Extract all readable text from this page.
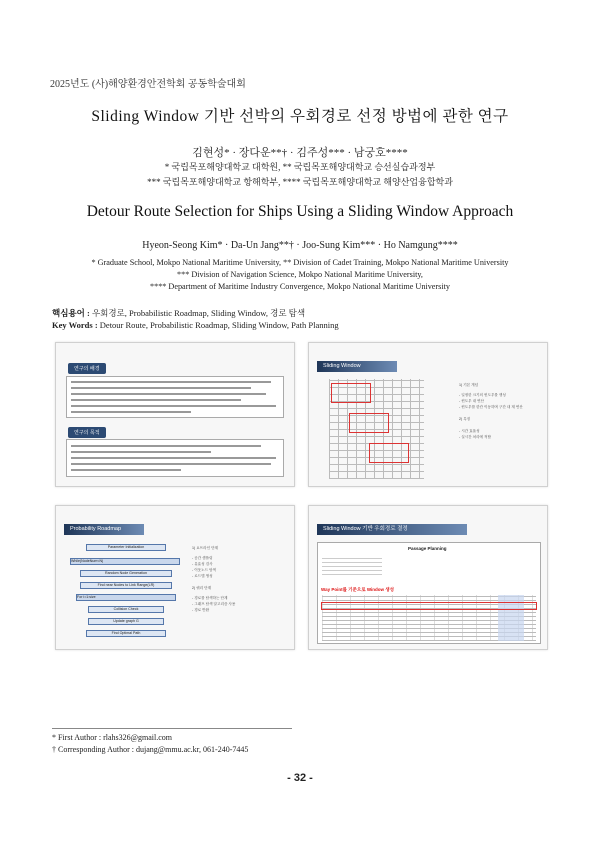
2025년도 (사)해양환경안전학회 공동학술대회
Sliding Window 기반 선박의 우회경로 선정 방법에 관한 연구
김현성* · 장다운**† · 김주성*** · 남궁호****
* 국립목포해양대학교 대학원, ** 국립목포해양대학교 승선실습과정부
*** 국립목포해양대학교 항해학부, **** 국립목포해양대학교 해양산업융합학과
Detour Route Selection for Ships Using a Sliding Window Approach
Hyeon-Seong Kim* · Da-Un Jang**† · Joo-Sung Kim*** · Ho Namgung****
* Graduate School, Mokpo National Maritime University, ** Division of Cadet Training, Mokpo National Maritime University
*** Division of Navigation Science, Mokpo National Maritime University,
**** Department of Maritime Industry Convergence, Mokpo National Maritime University
핵심용어 : 우회경로, Probabilistic Roadmap, Sliding Window, 경로 탐색
Key Words : Detour Route, Probabilistic Roadmap, Sliding Window, Path Planning
연구의 배경
연구의 목적
Sliding Window
1) 기본 개념
- 일정한 크기의 윈도우를 생성
- 윈도우 내 연산
- 윈도우를 한칸 이동하며 구간 내 재 연산
2) 특징
- 시간 효율성
- 실시간 처리에 적합
Probability Roadmap
Parameter Initialization
While(NodeNum<N)
Random Node Generation
Find near Nodes to Link Range(LR)
For i=1:size
Collision Check
Update graph G
Find Optimal Path
1) 요프라인 단계
- 공간 샘플링
- 유효성 검사
- 이웃노드 탐색
- 로드맵 생성
2) 쿼리 단계
- 경로를 탐색하는 단계
- 그래프 탐색 알고리즘 사용
- 경로 반환
Sliding Window 기반 우회경로 결정
Passage Planning
Way Point를 기준으로 Window 생성
* First Author : rlahs326@gmail.com
† Corresponding Author : dujang@mmu.ac.kr, 061-240-7445
- 32 -
